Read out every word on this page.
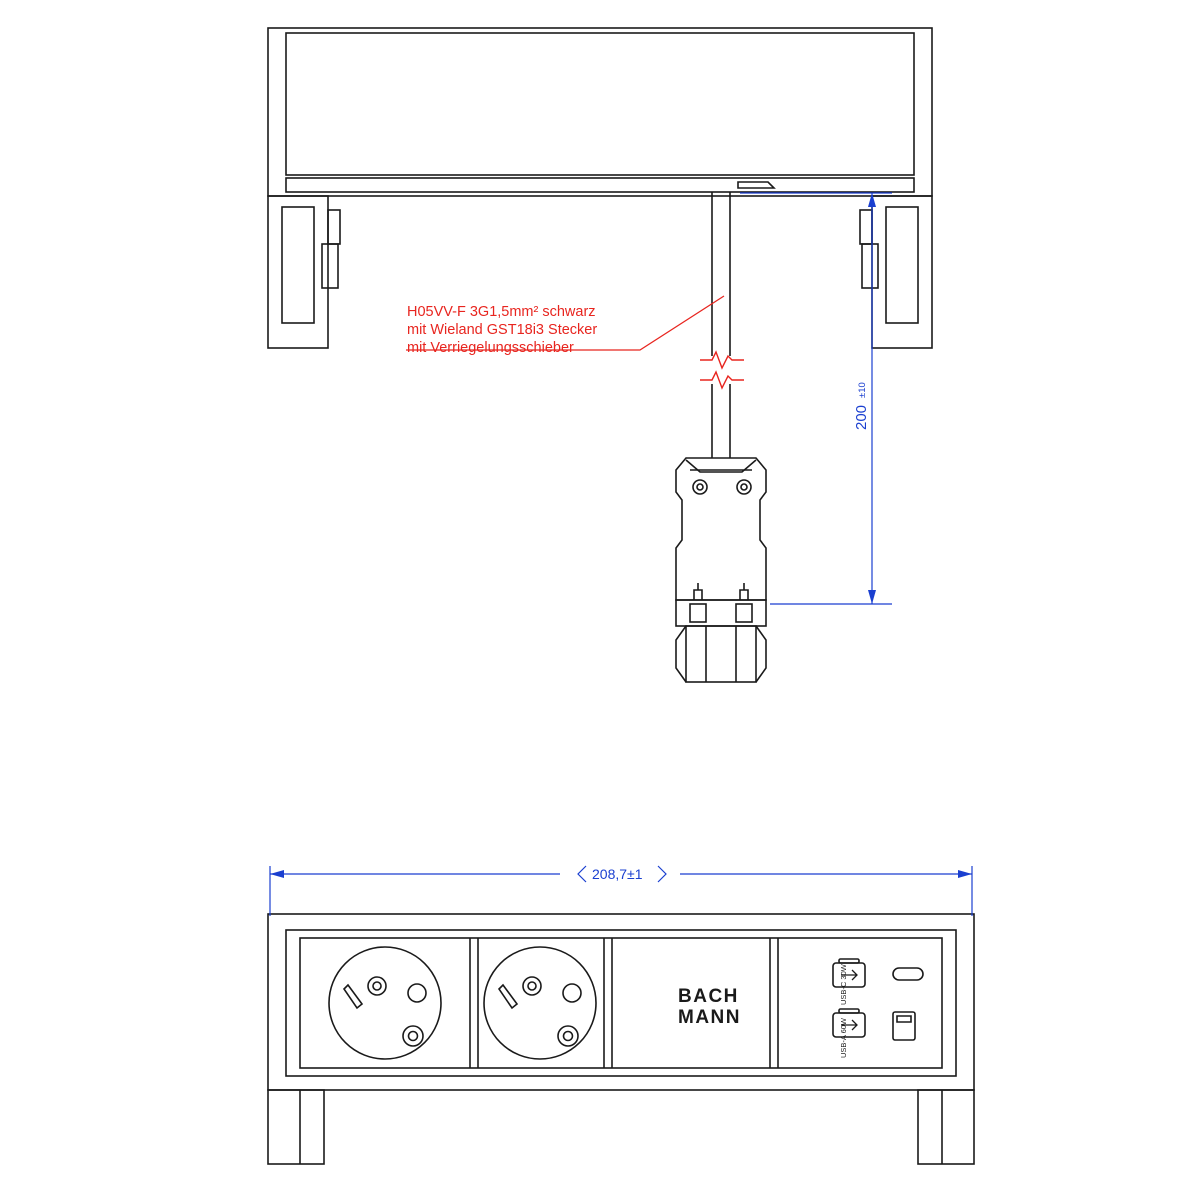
H05VV-F 3G1,5mm² schwarz
mit Wieland GST18i3 Stecker
mit Verriegelungsschieber
200
±10
BACH
MANN
USB-C 30W
USB-A 60W
208,7±1
